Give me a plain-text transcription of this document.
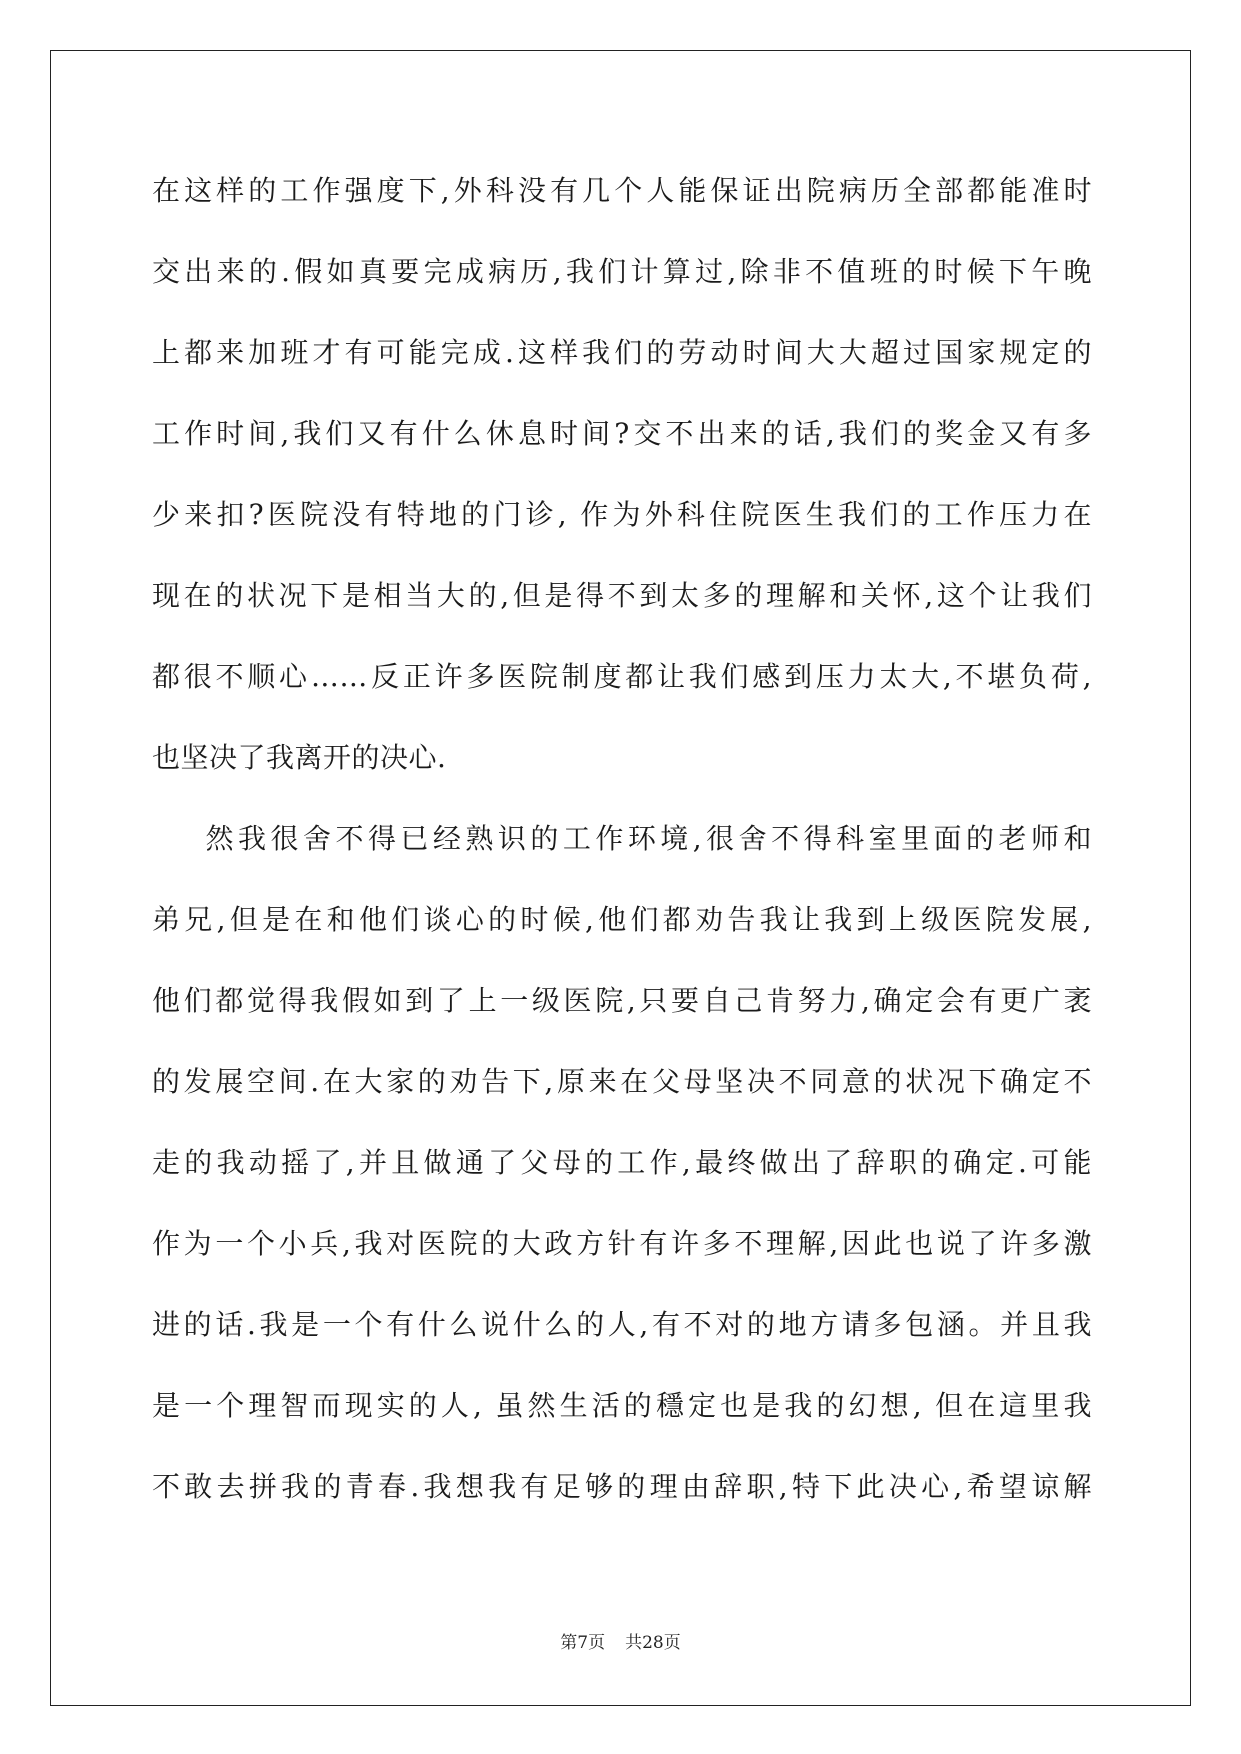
在这样的工作强度下,外科没有几个人能保证出院病历全部都能准时
交出来的.假如真要完成病历,我们计算过,除非不值班的时候下午晚
上都来加班才有可能完成.这样我们的劳动时间大大超过国家规定的
工作时间,我们又有什么休息时间?交不出来的话,我们的奖金又有多
少来扣?医院没有特地的门诊, 作为外科住院医生我们的工作压力在
现在的状况下是相当大的,但是得不到太多的理解和关怀,这个让我们
都很不顺心……反正许多医院制度都让我们感到压力太大,不堪负荷,
也坚决了我离开的决心.
然我很舍不得已经熟识的工作环境,很舍不得科室里面的老师和
弟兄,但是在和他们谈心的时候,他们都劝告我让我到上级医院发展,
他们都觉得我假如到了上一级医院,只要自己肯努力,确定会有更广袤
的发展空间.在大家的劝告下,原来在父母坚决不同意的状况下确定不
走的我动摇了,并且做通了父母的工作,最终做出了辞职的确定.可能
作为一个小兵,我对医院的大政方针有许多不理解,因此也说了许多激
进的话.我是一个有什么说什么的人,有不对的地方请多包涵。并且我
是一个理智而现实的人, 虽然生活的穩定也是我的幻想, 但在這里我
不敢去拼我的青春.我想我有足够的理由辞职,特下此决心,希望谅解
第7页 共28页
